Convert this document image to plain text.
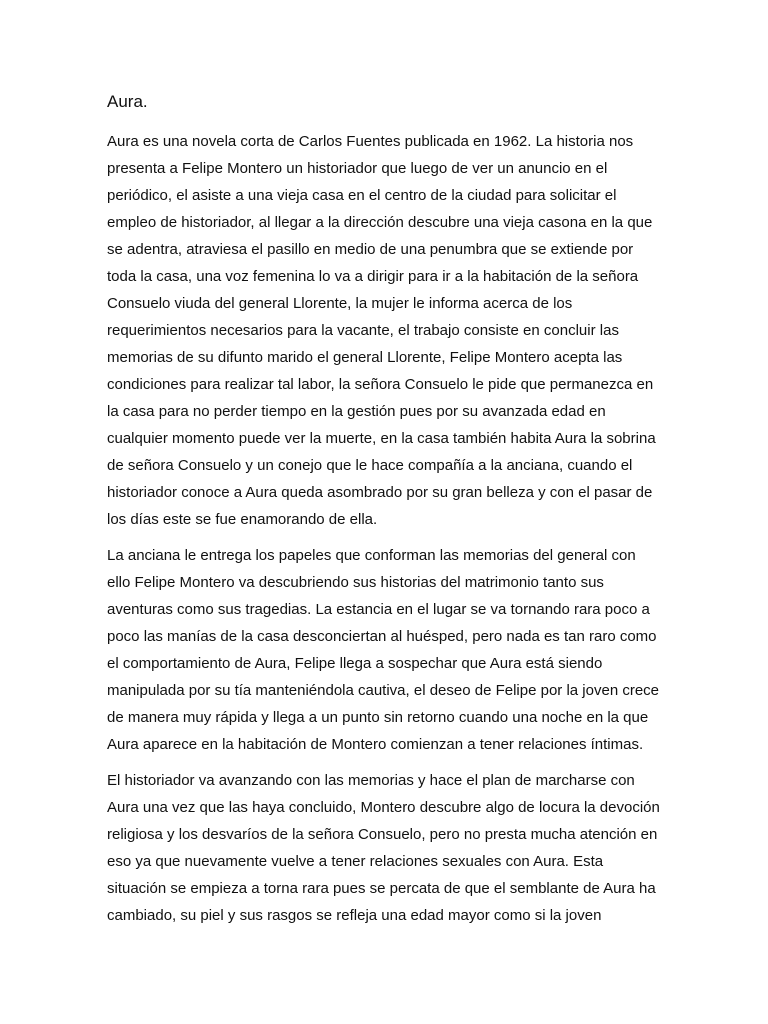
Aura.

Aura es una novela corta de Carlos Fuentes publicada en 1962. La historia nos presenta a Felipe Montero un historiador que luego de ver un anuncio en el periódico, el asiste a una vieja casa en el centro de la ciudad para solicitar el empleo de historiador, al llegar a la dirección descubre una vieja casona en la que se adentra, atraviesa el pasillo en medio de una penumbra que se extiende por toda la casa, una voz femenina lo va a dirigir para ir a la habitación de la señora Consuelo viuda del general Llorente, la mujer le informa acerca de los requerimientos necesarios para la vacante, el trabajo consiste en concluir las memorias de su difunto marido el general Llorente, Felipe Montero acepta las condiciones para realizar tal labor, la señora Consuelo le pide que permanezca en la casa para no perder tiempo en la gestión pues por su avanzada edad en cualquier momento puede ver la muerte, en la casa también habita Aura la sobrina de señora Consuelo y un conejo que le hace compañía a la anciana, cuando el historiador conoce a Aura queda asombrado por su gran belleza y con el pasar de los días este se fue enamorando de ella.

La anciana le entrega los papeles que conforman las memorias del general con ello Felipe Montero va descubriendo sus historias del matrimonio tanto sus aventuras como sus tragedias. La estancia en el lugar se va tornando rara poco a poco las manías de la casa desconciertan al huésped, pero nada es tan raro como el comportamiento de Aura, Felipe llega a sospechar que Aura está siendo manipulada por su tía manteniéndola cautiva, el deseo de Felipe por la joven crece de manera muy rápida y llega a un punto sin retorno cuando una noche en la que Aura aparece en la habitación de Montero comienzan a tener relaciones íntimas.

El historiador va avanzando con las memorias y hace el plan de marcharse con Aura una vez que las haya concluido, Montero descubre algo de locura la devoción religiosa y los desvaríos de la señora Consuelo, pero no presta mucha atención en eso ya que nuevamente vuelve a tener relaciones sexuales con Aura. Esta situación se empieza a torna rara pues se percata de que el semblante de Aura ha cambiado, su piel y sus rasgos se refleja una edad mayor como si la joven
